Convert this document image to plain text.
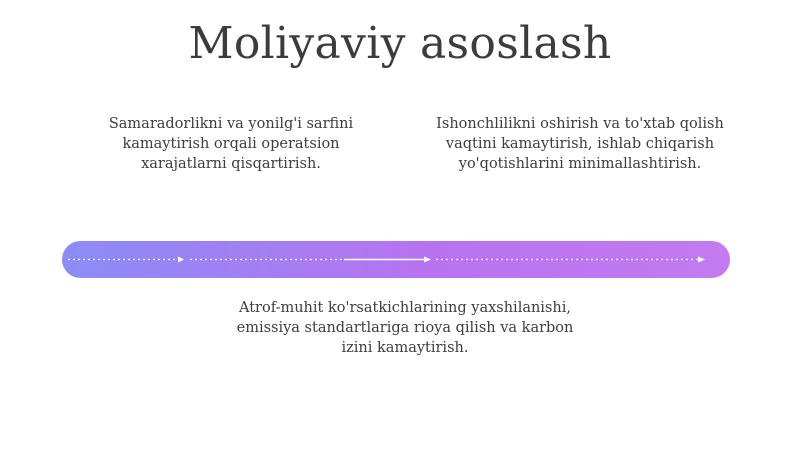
Moliyaviy asoslash
Samaradorlikni va yonilg'i sarfini kamaytirish orqali operatsion xarajatlarni qisqartirish.
Ishonchlilikni oshirish va to'xtab qolish vaqtini kamaytirish, ishlab chiqarish yo'qotishlarini minimallashtirish.
Atrof-muhit ko'rsatkichlarining yaxshilanishi, emissiya standartlariga rioya qilish va karbon izini kamaytirish.
